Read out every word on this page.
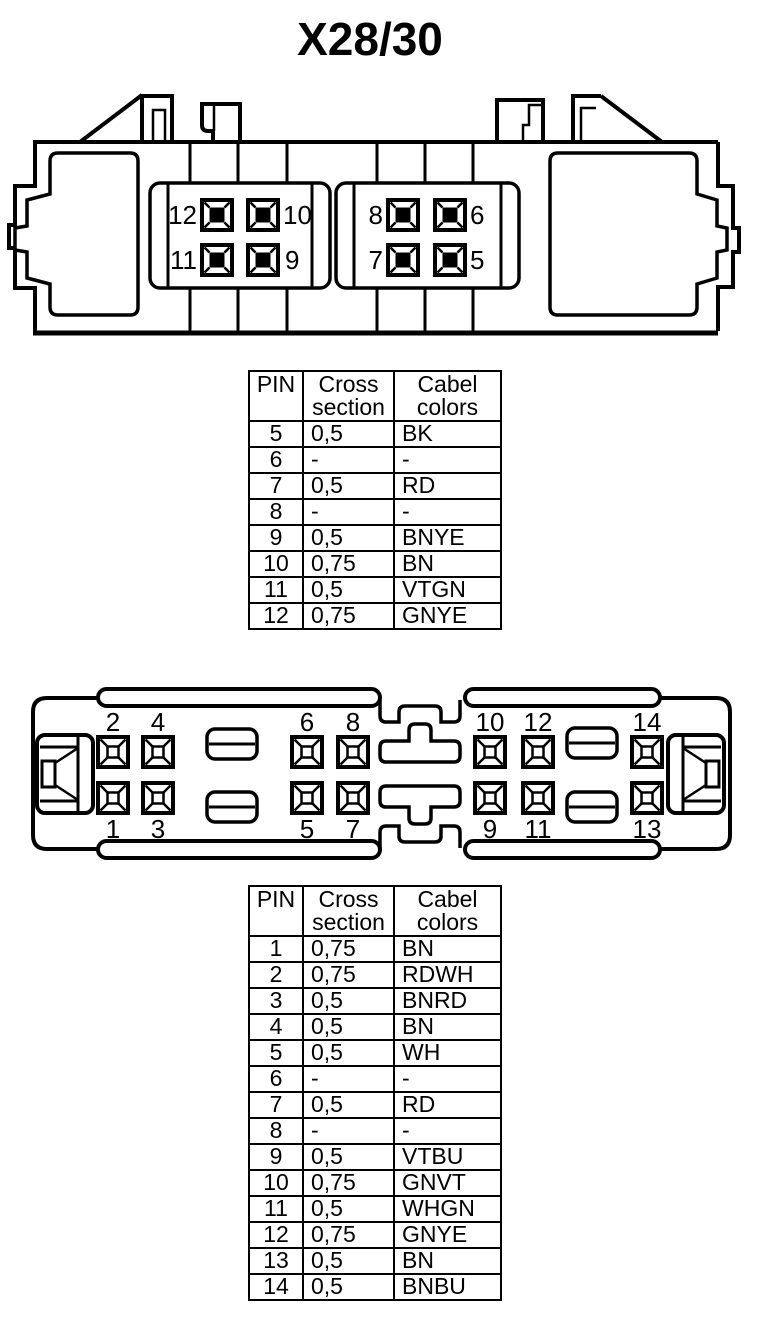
X28/30
12	10
11	9
8	6
7	5
PIN	Cross section	Cabel colors
5	0,5	BK
6	-	-
7	0,5	RD
8	-	-
9	0,5	BNYE
10	0,75	BN
11	0,5	VTGN
12	0,75	GNYE
2 4	6 8	10 12	14
1 3	5 7	9 11	13
PIN	Cross section	Cabel colors
1	0,75	BN
2	0,75	RDWH
3	0,5	BNRD
4	0,5	BN
5	0,5	WH
6	-	-
7	0,5	RD
8	-	-
9	0,5	VTBU
10	0,75	GNVT
11	0,5	WHGN
12	0,75	GNYE
13	0,5	BN
14	0,5	BNBU
